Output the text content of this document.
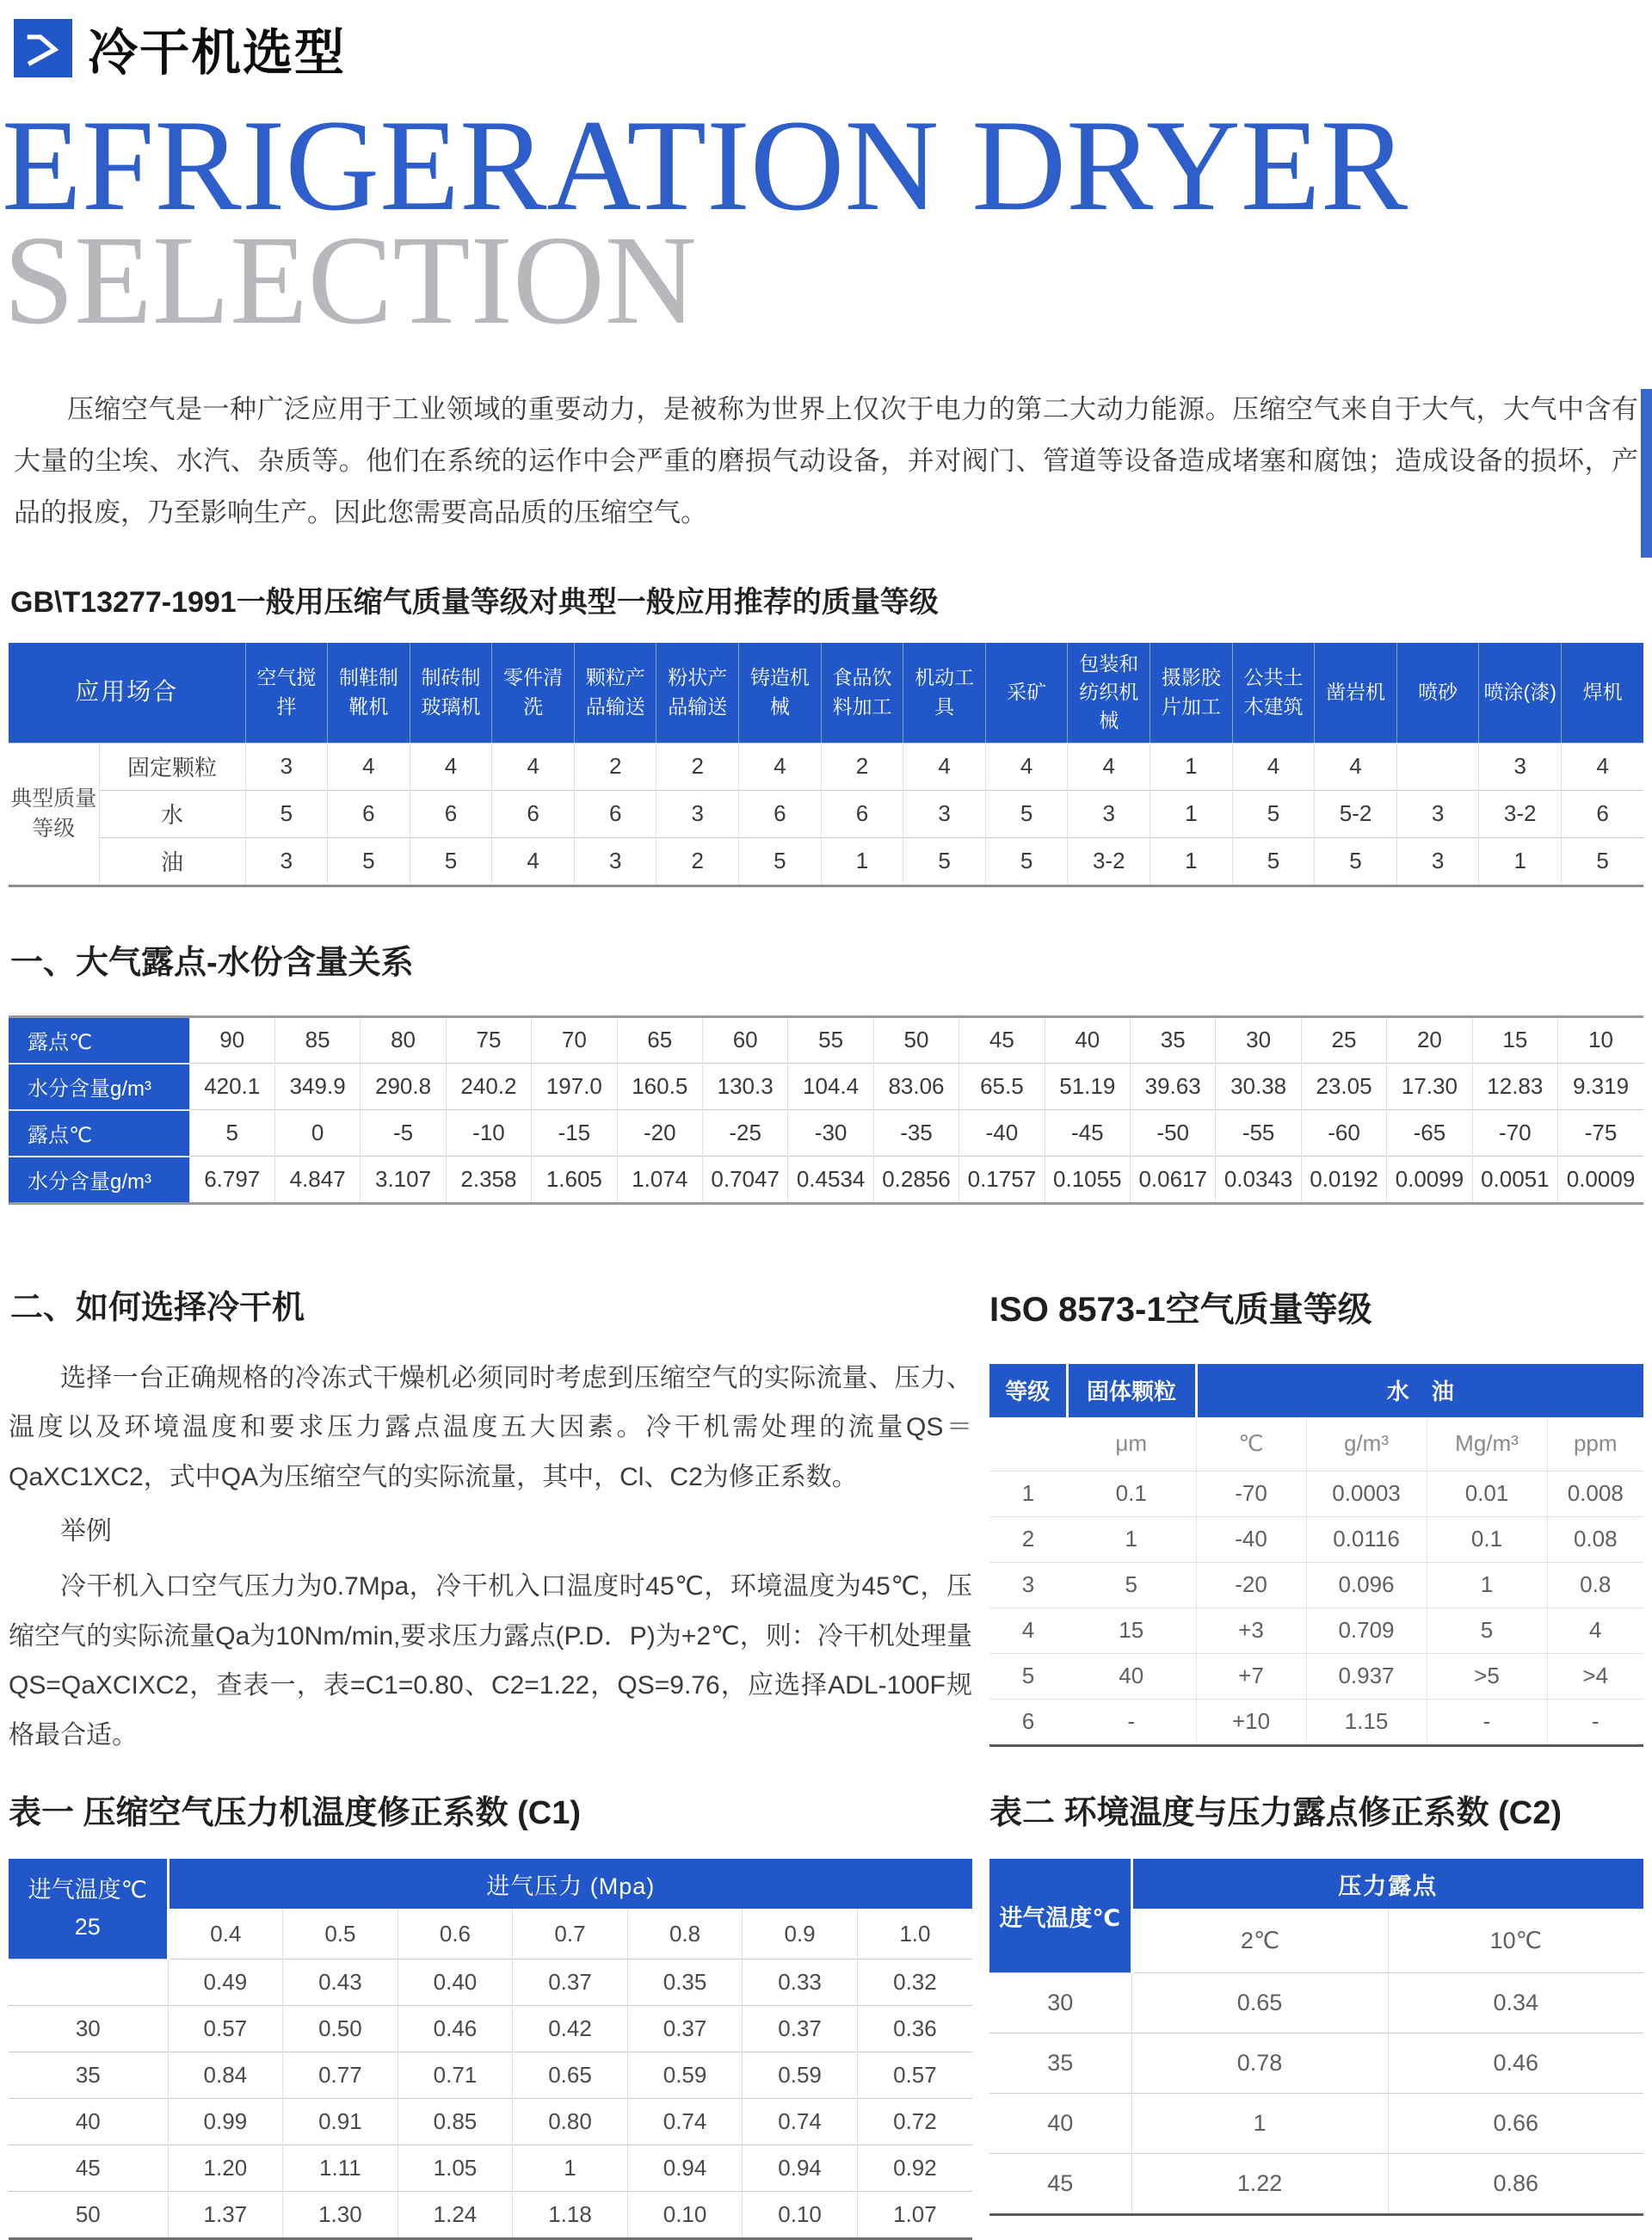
冷干机选型
EFRIGERATION DRYER
SELECTION

压缩空气是一种广泛应用于工业领域的重要动力，是被称为世界上仅次于电力的第二大动力能源。压缩空气来自于大气，大气中含有大量的尘埃、水汽、杂质等。他们在系统的运作中会严重的磨损气动设备，并对阀门、管道等设备造成堵塞和腐蚀；造成设备的损坏，产品的报废，乃至影响生产。因此您需要高品质的压缩空气。

GB\T13277-1991一般用压缩气质量等级对典型一般应用推荐的质量等级
应用场合		空气搅拌	制鞋制靴机	制砖制玻璃机	零件清洗	颗粒产品输送	粉状产品输送	铸造机械	食品饮料加工	机动工具	采矿	包装和纺织机械	摄影胶片加工	公共土木建筑	凿岩机	喷砂	喷涂(漆)	焊机
典型质量等级	固定颗粒	3	4	4	4	2	2	4	2	4	4	4	1	4	4		3	4
	水	5	6	6	6	6	3	6	6	3	5	3	1	5	5-2	3	3-2	6
	油	3	5	5	4	3	2	5	1	5	5	3-2	1	5	5	3	1	5
一、大气露点-水份含量关系
露点℃	90	85	80	75	70	65	60	55	50	45	40	35	30	25	20	15	10
水分含量g/m³	420.1	349.9	290.8	240.2	197.0	160.5	130.3	104.4	83.06	65.5	51.19	39.63	30.38	23.05	17.30	12.83	9.319
露点℃	5	0	-5	-10	-15	-20	-25	-30	-35	-40	-45	-50	-55	-60	-65	-70	-75
水分含量g/m³	6.797	4.847	3.107	2.358	1.605	1.074	0.7047	0.4534	0.2856	0.1757	0.1055	0.0617	0.0343	0.0192	0.0099	0.0051	0.0009
二、如何选择冷干机

选择一台正确规格的冷冻式干燥机必须同时考虑到压缩空气的实际流量、压力、温度以及环境温度和要求压力露点温度五大因素。冷干机需处理的流量QS＝QaXC1XC2，式中QA为压缩空气的实际流量，其中，Cl、C2为修正系数。

举例

冷干机入口空气压力为0.7Mpa，冷干机入口温度时45℃，环境温度为45℃，压缩空气的实际流量Qa为10Nm/min,要求压力露点(P.D．P)为+2℃，则：冷干机处理量QS=QaXCIXC2，查表一，表=C1=0.80、C2=1.22，QS=9.76，应选择ADL-100F规格最合适。

ISO 8573-1空气质量等级
等级	固体颗粒	水　油			
	μm	℃	g/m³	Mg/m³	ppm
1	0.1	-70	0.0003	0.01	0.008
2	1	-40	0.0116	0.1	0.08
3	5	-20	0.096	1	0.8
4	15	+3	0.709	5	4
5	40	+7	0.937	>5	>4
6	-	+10	1.15	-	-
表一 压缩空气压力机温度修正系数 (C1)
进气温度℃
25	进气压力 (Mpa)						
	0.4	0.5	0.6	0.7	0.8	0.9	1.0
	0.49	0.43	0.40	0.37	0.35	0.33	0.32
30	0.57	0.50	0.46	0.42	0.37	0.37	0.36
35	0.84	0.77	0.71	0.65	0.59	0.59	0.57
40	0.99	0.91	0.85	0.80	0.74	0.74	0.72
45	1.20	1.11	1.05	1	0.94	0.94	0.92
50	1.37	1.30	1.24	1.18	0.10	0.10	1.07
表二 环境温度与压力露点修正系数 (C2)
进气温度℃	压力露点	
	2℃	10℃
30	0.65	0.34
35	0.78	0.46
40	1	0.66
45	1.22	0.86
